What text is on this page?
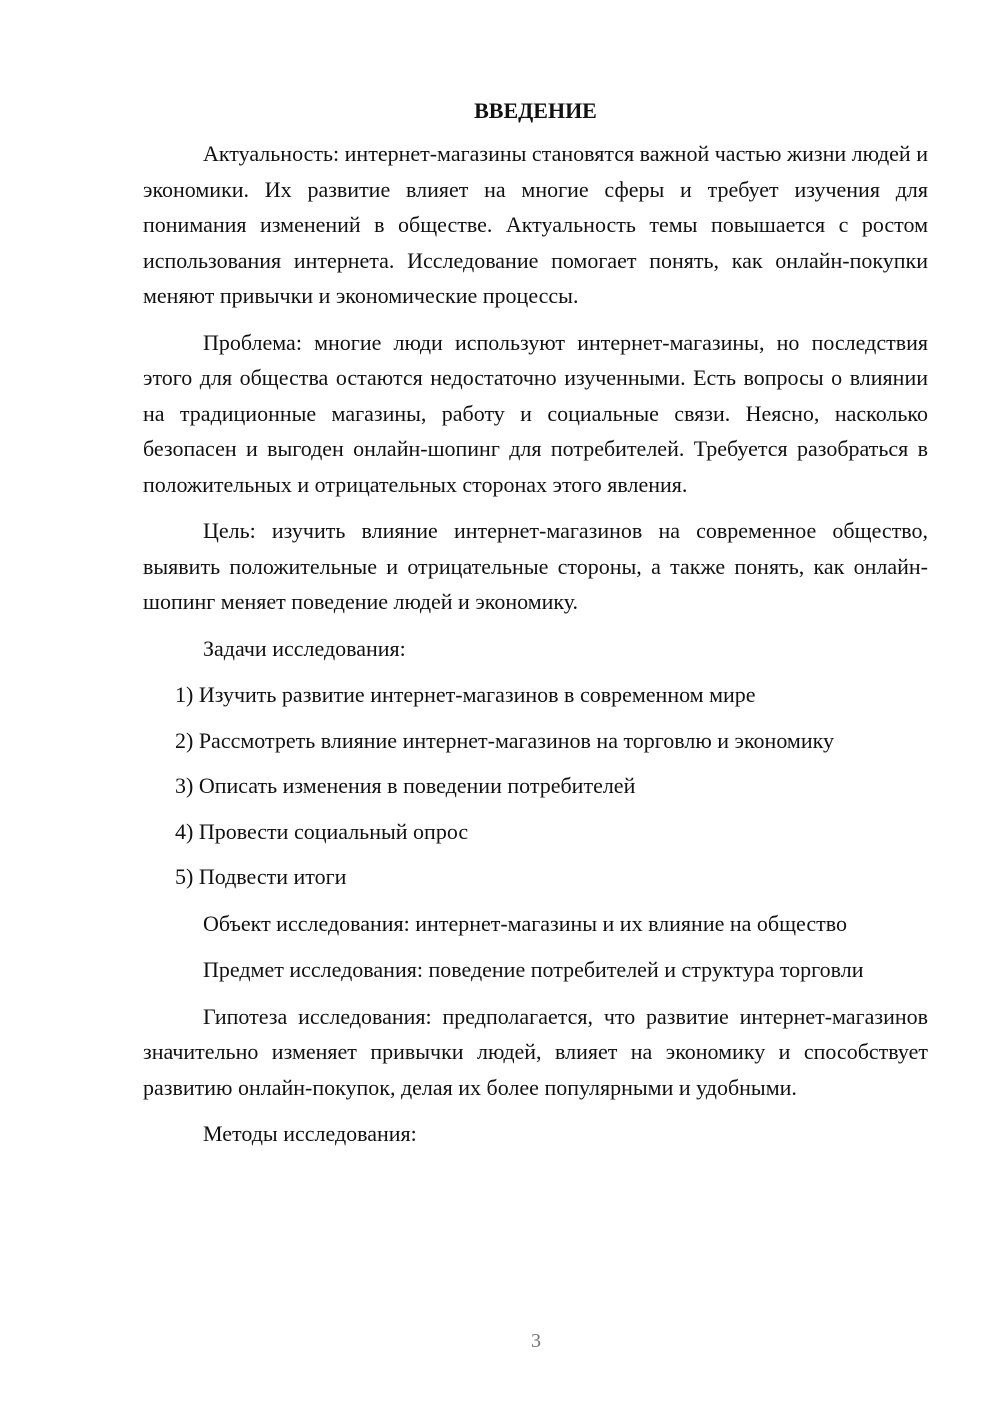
ВВЕДЕНИЕ

Актуальность: интернет-магазины становятся важной частью жизни людей и экономики. Их развитие влияет на многие сферы и требует изучения для понимания изменений в обществе. Актуальность темы повышается с ростом использования интернета. Исследование помогает понять, как онлайн-покупки меняют привычки и экономические процессы.

Проблема: многие люди используют интернет-магазины, но последствия этого для общества остаются недостаточно изученными. Есть вопросы о влиянии на традиционные магазины, работу и социальные связи. Неясно, насколько безопасен и выгоден онлайн-шопинг для потребителей. Требуется разобраться в положительных и отрицательных сторонах этого явления.

Цель: изучить влияние интернет-магазинов на современное общество, выявить положительные и отрицательные стороны, а также понять, как онлайн-шопинг меняет поведение людей и экономику.

Задачи исследования:

1) Изучить развитие интернет-магазинов в современном мире
2) Рассмотреть влияние интернет-магазинов на торговлю и экономику
3) Описать изменения в поведении потребителей
4) Провести социальный опрос
5) Подвести итоги

Объект исследования: интернет-магазины и их влияние на общество

Предмет исследования: поведение потребителей и структура торговли

Гипотеза исследования: предполагается, что развитие интернет-магазинов значительно изменяет привычки людей, влияет на экономику и способствует развитию онлайн-покупок, делая их более популярными и удобными.

Методы исследования:

3
